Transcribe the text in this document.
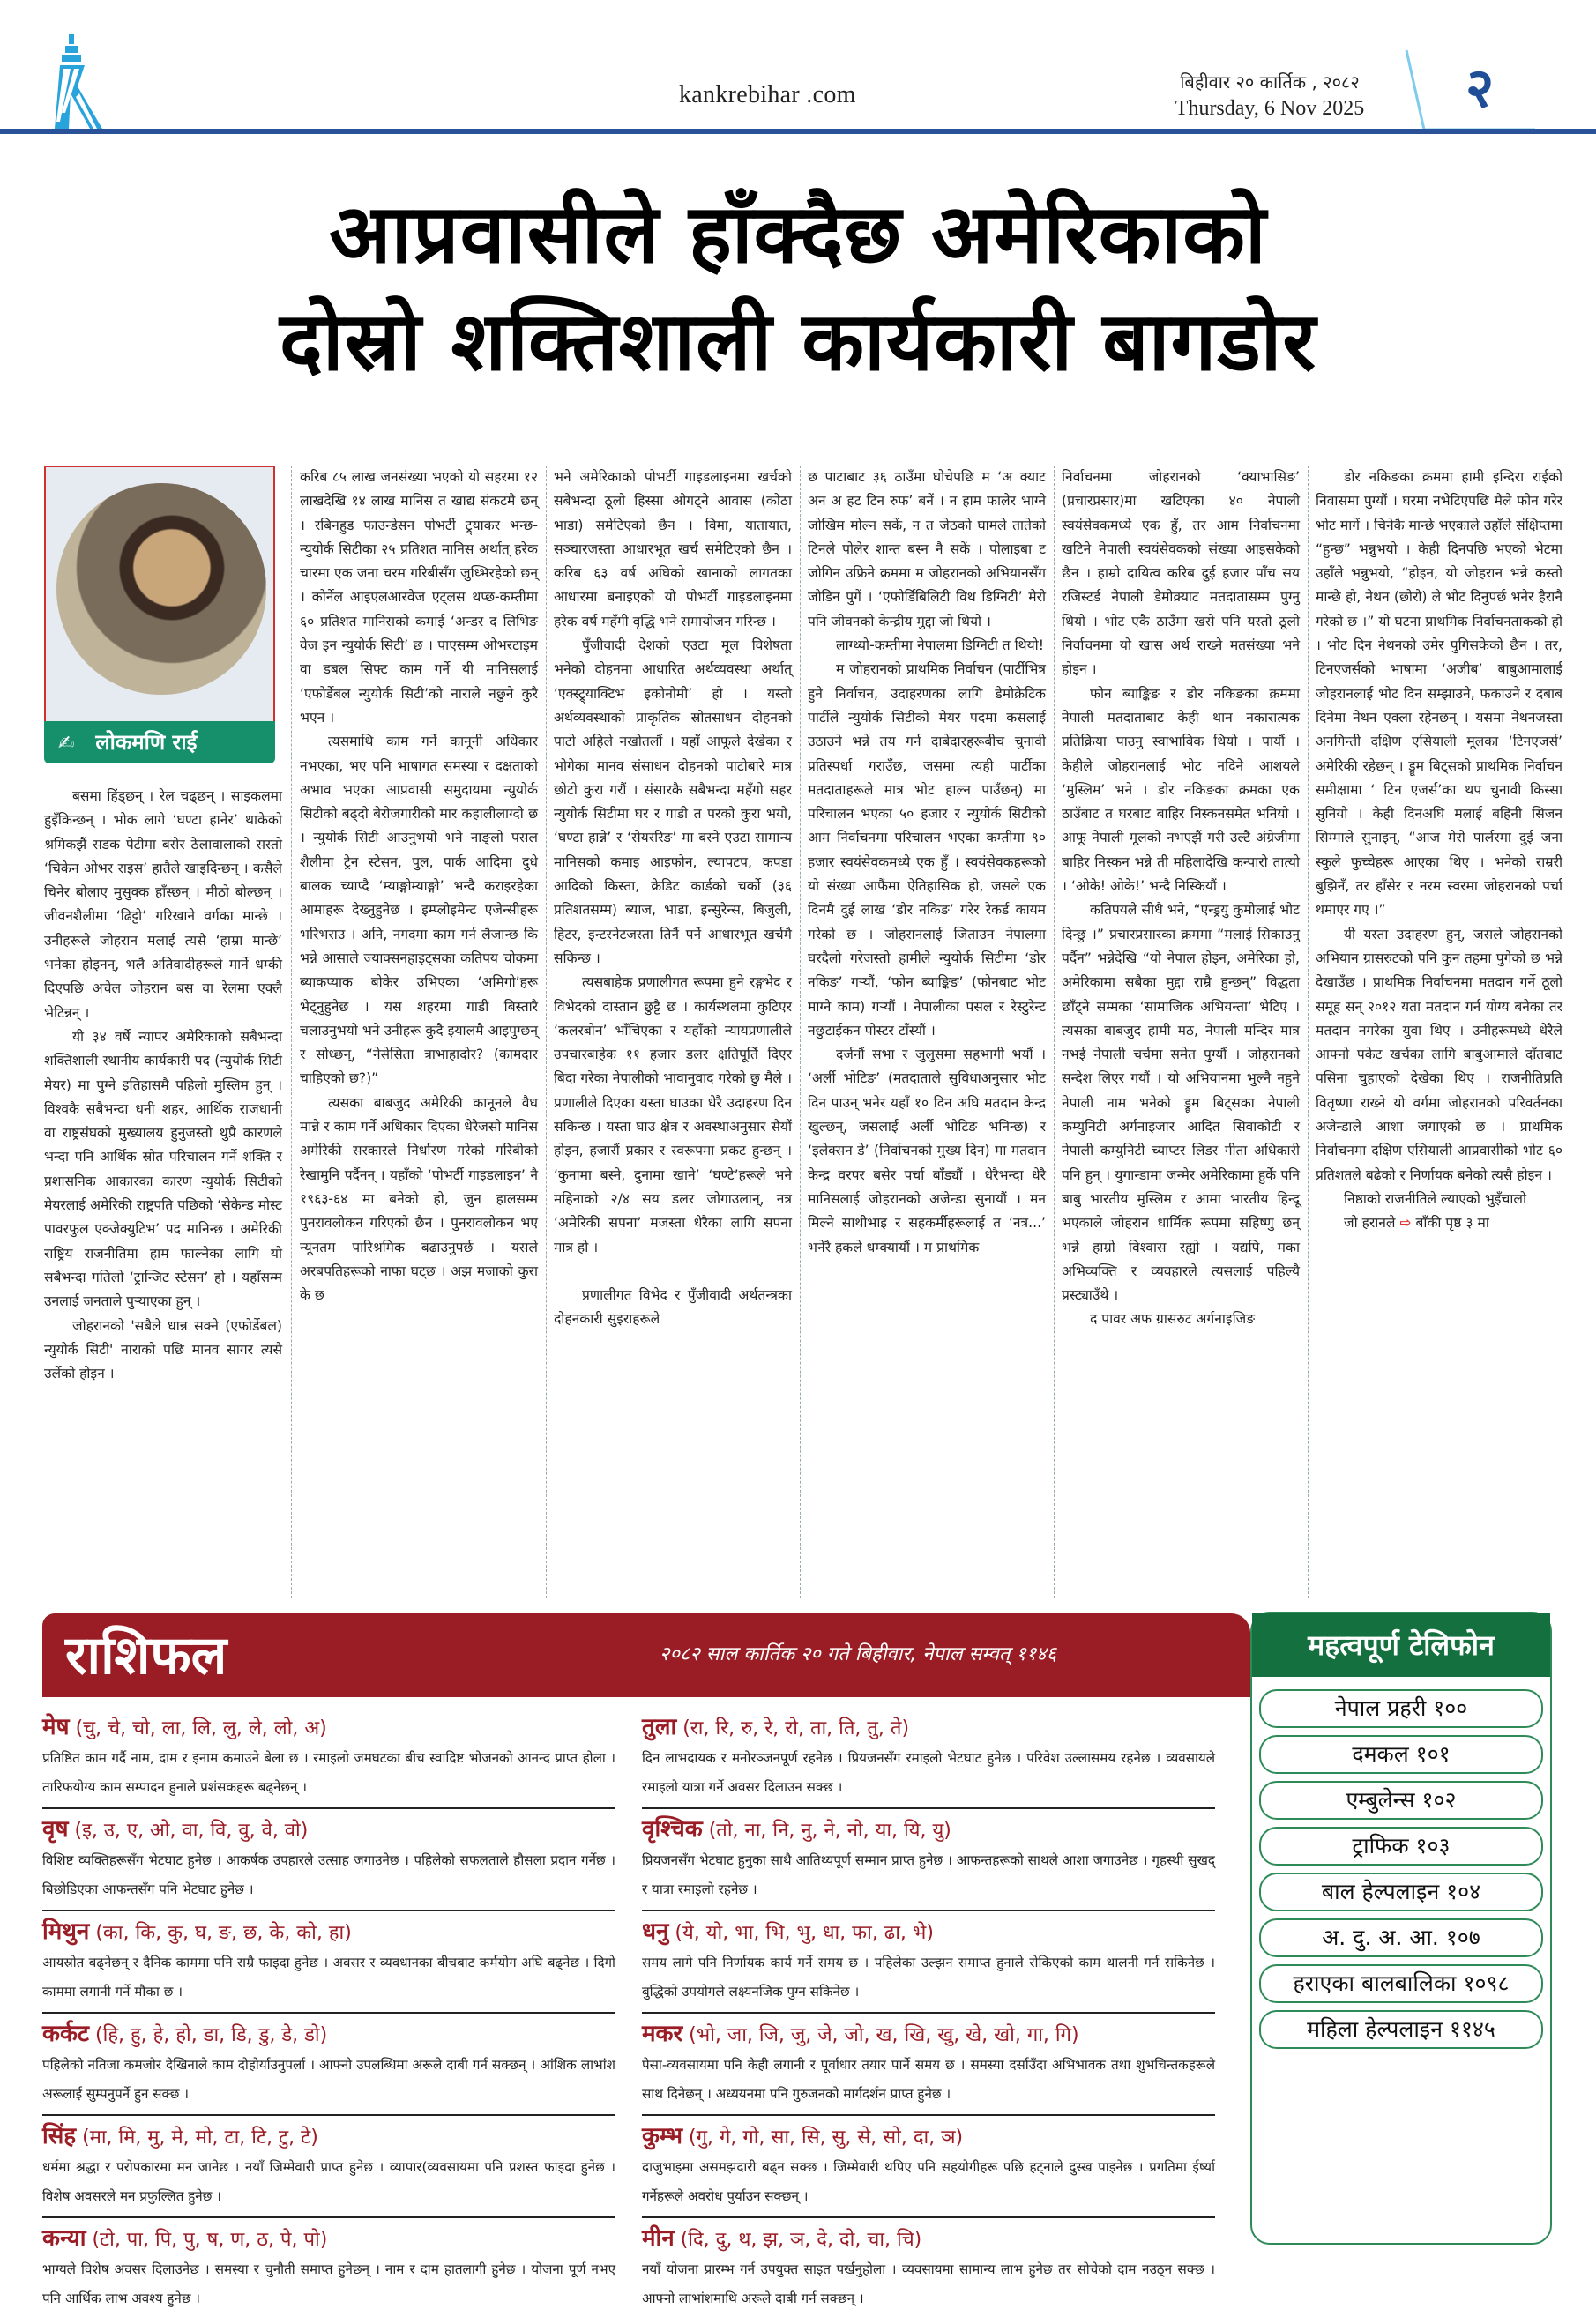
kankrebihar .com	बिहीवार २० कार्तिक , २०८२
Thursday, 6 Nov 2025	२
आप्रवासीले हाँक्दैछ अमेरिकाको
दोस्रो शक्तिशाली कार्यकारी बागडोर
✍ लोकमणि राई

बसमा हिंड्छन् । रेल चढ्छन् । साइकलमा हुइँकिन्छन् । भोक लागे ‘घण्टा हानेर’ थाकेको श्रमिकझैं सडक पेटीमा बसेर ठेलावालाको सस्तो ‘चिकेन ओभर राइस’ हातैले खाइदिन्छन् । कसैले चिनेर बोलाए मुसुक्क हाँस्छन् । मीठो बोल्छन् । जीवनशैलीमा ‘ढिट्टो’ गरिखाने वर्गका मान्छे । उनीहरूले जोहरान मलाई त्यसै ‘हाम्रा मान्छे’ भनेका होइनन्, भलै अतिवादीहरूले मार्ने धम्की दिएपछि अचेल जोहरान बस वा रेलमा एक्लै भेटिन्नन् ।

यी ३४ वर्षे न्यापर अमेरिकाको सबैभन्दा शक्तिशाली स्थानीय कार्यकारी पद (न्युयोर्क सिटी मेयर) मा पुग्ने इतिहासमै पहिलो मुस्लिम हुन् । विश्वकै सबैभन्दा धनी शहर, आर्थिक राजधानी वा राष्ट्रसंघको मुख्यालय हुनुजस्तो थुप्रै कारणले भन्दा पनि आर्थिक स्रोत परिचालन गर्ने शक्ति र प्रशासनिक आकारका कारण न्युयोर्क सिटीको मेयरलाई अमेरिकी राष्ट्रपति पछिको ‘सेकेन्ड मोस्ट पावरफुल एक्जेक्युटिभ’ पद मानिन्छ । अमेरिकी राष्ट्रिय राजनीतिमा हाम फाल्नेका लागि यो सबैभन्दा गतिलो ‘ट्रान्जिट स्टेसन’ हो । यहाँसम्म उनलाई जनताले पुऱ्याएका हुन् ।

जोहरानको 'सबैले धान्न सक्ने (एफोर्डेबल) न्युयोर्क सिटी' नाराको पछि मानव सागर त्यसै उर्लेको होइन ।

करिब ८५ लाख जनसंख्या भएको यो सहरमा १२ लाखदेखि १४ लाख मानिस त खाद्य संकटमै छन् । रबिनहुड फाउन्डेसन पोभर्टी ट्र्याकर भन्छ- न्युयोर्क सिटीका २५ प्रतिशत मानिस अर्थात् हरेक चारमा एक जना चरम गरिबीसँग जुध्भिरहेको छन् । कोर्नेल आइएलआरवेज एट्लस थप्छ-कम्तीमा ६० प्रतिशत मानिसको कमाई ‘अन्डर द लिभिङ वेज इन न्युयोर्क सिटी’ छ । पाएसम्म ओभरटाइम वा डबल सिफ्ट काम गर्ने यी मानिसलाई ‘एफोर्डेबल न्युयोर्क सिटी’को नाराले नछुने कुरै भएन ।

त्यसमाथि काम गर्ने कानूनी अधिकार नभएका, भए पनि भाषागत समस्या र दक्षताको अभाव भएका आप्रवासी समुदायमा न्युयोर्क सिटीको बढ्दो बेरोजगारीको मार कहालीलाग्दो छ । न्युयोर्क सिटी आउनुभयो भने नाङ्लो पसल शैलीमा ट्रेन स्टेसन, पुल, पार्क आदिमा दुधे बालक च्याप्दै ‘म्याङ्गोम्याङ्गो’ भन्दै कराइरहेका आमाहरू देख्नुहुनेछ । इम्प्लोइमेन्ट एजेन्सीहरू भरिभराउ । अनि, नगदमा काम गर्न लैजान्छ कि भन्ने आसाले ज्याक्सनहाइट्सका कतिपय चोकमा ब्याकप्याक बोकेर उभिएका ‘अमिगो’हरू भेट्नुहुनेछ । यस शहरमा गाडी बिस्तारै चलाउनुभयो भने उनीहरू कुदै झ्यालमै आइपुग्छन् र सोध्छन्, “नेसेसिता त्राभाहादोर? (कामदार चाहिएको छ?)”

त्यसका बाबजुद अमेरिकी कानूनले वैध मान्ने र काम गर्ने अधिकार दिएका धेरैजसो मानिस अमेरिकी सरकारले निर्धारण गरेको गरिबीको रेखामुनि पर्दैनन् । यहाँको ‘पोभर्टी गाइडलाइन’ नै १९६३-६४ मा बनेको हो, जुन हालसम्म पुनरावलोकन गरिएको छैन । पुनरावलोकन भए न्यूनतम पारिश्रमिक बढाउनुपर्छ । यसले अरबपतिहरूको नाफा घट्छ । अझ मजाको कुरा के छ

भने अमेरिकाको पोभर्टी गाइडलाइनमा खर्चको सबैभन्दा ठूलो हिस्सा ओगट्ने आवास (कोठा भाडा) समेटिएको छैन । विमा, यातायात, सञ्चारजस्ता आधारभूत खर्च समेटिएको छैन । करिब ६३ वर्ष अघिको खानाको लागतका आधारमा बनाइएको यो पोभर्टी गाइडलाइनमा हरेक वर्ष महँगी वृद्धि भने समायोजन गरिन्छ ।

पुँजीवादी देशको एउटा मूल विशेषता भनेको दोहनमा आधारित अर्थव्यवस्था अर्थात् ‘एक्स्ट्र्याक्टिभ इकोनोमी’ हो । यस्तो अर्थव्यवस्थाको प्राकृतिक स्रोतसाधन दोहनको पाटो अहिले नखोतलौं । यहाँ आफूले देखेका र भोगेका मानव संसाधन दोहनको पाटोबारे मात्र छोटो कुरा गरौं । संसारकै सबैभन्दा महँगो सहर न्युयोर्क सिटीमा घर र गाडी त परको कुरा भयो, ‘घण्टा हान्ने’ र ‘सेयररिङ’ मा बस्ने एउटा सामान्य मानिसको कमाइ आइफोन, ल्यापटप, कपडा आदिको किस्ता, क्रेडिट कार्डको चर्को (३६ प्रतिशतसम्म) ब्याज, भाडा, इन्सुरेन्स, बिजुली, हिटर, इन्टरनेटजस्ता तिर्नै पर्ने आधारभूत खर्चमै सकिन्छ ।

त्यसबाहेक प्रणालीगत रूपमा हुने रङ्गभेद र विभेदको दास्तान छुट्टै छ । कार्यस्थलमा कुटिएर ‘कलरबोन’ भाँचिएका र यहाँको न्यायप्रणालीले उपचारबाहेक ११ हजार डलर क्षतिपूर्ति दिएर बिदा गरेका नेपालीको भावानुवाद गरेको छु मैले । प्रणालीले दिएका यस्ता घाउका धेरै उदाहरण दिन सकिन्छ । यस्ता घाउ क्षेत्र र अवस्थाअनुसार सैयौं होइन, हजारौं प्रकार र स्वरूपमा प्रकट हुन्छन् । ‘कुनामा बस्ने, दुनामा खाने’ ‘घण्टे’हरूले भने महिनाको २/४ सय डलर जोगाउलान्, नत्र ‘अमेरिकी सपना’ मजस्ता धेरैका लागि सपना मात्र हो ।

प्रणालीगत विभेद र पुँजीवादी अर्थतन्त्रका दोहनकारी सुइराहरूले

छ पाटाबाट ३६ ठाउँमा घोचेपछि म ‘अ क्याट अन अ हट टिन रुफ’ बनें । न हाम फालेर भाग्ने जोखिम मोल्न सकें, न त जेठको घामले तातेको टिनले पोलेर शान्त बस्न नै सकें । पोलाइबा ट जोगिन उफ्रिने क्रममा म जोहरानको अभियानसँग जोडिन पुगें । ‘एफोर्डिबिलिटी विथ डिग्निटी’ मेरो पनि जीवनको केन्द्रीय मुद्दा जो थियो ।

लाग्थ्यो-कम्तीमा नेपालमा डिग्निटी त थियो!

म जोहरानको प्राथमिक निर्वाचन (पार्टीभित्र हुने निर्वाचन, उदाहरणका लागि डेमोक्रेटिक पार्टीले न्युयोर्क सिटीको मेयर पदमा कसलाई उठाउने भन्ने तय गर्न दाबेदारहरूबीच चुनावी प्रतिस्पर्धा गराउँछ, जसमा त्यही पार्टीका मतदाताहरूले मात्र भोट हाल्न पाउँछन्) मा परिचालन भएका ५० हजार र न्युयोर्क सिटीको आम निर्वाचनमा परिचालन भएका कम्तीमा ९० हजार स्वयंसेवकमध्ये एक हुँ । स्वयंसेवकहरूको यो संख्या आफैंमा ऐतिहासिक हो, जसले एक दिनमै दुई लाख ‘डोर नकिङ’ गरेर रेकर्ड कायम गरेको छ । जोहरानलाई जिताउन नेपालमा घरदैलो गरेजस्तो हामीले न्युयोर्क सिटीमा ‘डोर नकिङ’ गर्‍यौं, ‘फोन ब्याङ्किङ’ (फोनबाट भोट माग्ने काम) गर्‍यौं । नेपालीका पसल र रेस्टुरेन्ट नछुटाईकन पोस्टर टाँस्यौं ।

दर्जनौं सभा र जुलुसमा सहभागी भयौं । ‘अर्ली भोटिङ’ (मतदाताले सुविधाअनुसार भोट दिन पाउन् भनेर यहाँ १० दिन अघि मतदान केन्द्र खुल्छन्, जसलाई अर्ली भोटिङ भनिन्छ) र ‘इलेक्सन डे’ (निर्वाचनको मुख्य दिन) मा मतदान केन्द्र वरपर बसेर पर्चा बाँड्यौं । धेरैभन्दा धेरै मानिसलाई जोहरानको अजेन्डा सुनायौं । मन मिल्ने साथीभाइ र सहकर्मीहरूलाई त ‘नत्र...’ भनेरै हकले धम्क्यायौं । म प्राथमिक

निर्वाचनमा जोहरानको ‘क्याभासिङ’ (प्रचारप्रसार)मा खटिएका ४० नेपाली स्वयंसेवकमध्ये एक हुँ, तर आम निर्वाचनमा खटिने नेपाली स्वयंसेवकको संख्या आइसकेको छैन । हाम्रो दायित्व करिब दुई हजार पाँच सय रजिस्टर्ड नेपाली डेमोक्र्याट मतदातासम्म पुग्नु थियो । भोट एकै ठाउँमा खसे पनि यस्तो ठूलो निर्वाचनमा यो खास अर्थ राख्ने मतसंख्या भने होइन ।

फोन ब्याङ्किङ र डोर नकिङका क्रममा नेपाली मतदाताबाट केही थान नकारात्मक प्रतिक्रिया पाउनु स्वाभाविक थियो । पायौं । केहीले जोहरानलाई भोट नदिने आशयले ‘मुस्लिम’ भने । डोर नकिङका क्रमका एक ठाउँबाट त घरबाट बाहिर निस्कनसमेत भनियो । आफू नेपाली मूलको नभएझैं गरी उल्टै अंग्रेजीमा बाहिर निस्कन भन्ने ती महिलादेखि कन्पारो तात्यो । ‘ओके! ओके!’ भन्दै निस्कियौं ।

कतिपयले सीधै भने, “एन्ड्रयु कुमोलाई भोट दिन्छु ।” प्रचारप्रसारका क्रममा “मलाई सिकाउनु पर्दैन” भन्नेदेखि “यो नेपाल होइन, अमेरिका हो, अमेरिकामा सबैका मुद्दा राम्रै हुन्छन्” विद्धता छाँट्ने सम्मका ‘सामाजिक अभियन्ता’ भेटिए । त्यसका बाबजुद हामी मठ, नेपाली मन्दिर मात्र नभई नेपाली चर्चमा समेत पुग्यौं । जोहरानको सन्देश लिएर गयौं । यो अभियानमा भुल्नै नहुने नेपाली नाम भनेको ड्रूम बिट्सका नेपाली कम्युनिटी अर्गनाइजार आदित सिवाकोटी र नेपाली कम्युनिटी च्याप्टर लिडर गीता अधिकारी पनि हुन् । युगान्डामा जन्मेर अमेरिकामा हुर्के पनि बाबु भारतीय मुस्लिम र आमा भारतीय हिन्दू भएकाले जोहरान धार्मिक रूपमा सहिष्णु छन् भन्ने हाम्रो विश्वास रह्यो । यद्यपि, मका अभिव्यक्ति र व्यवहारले त्यसलाई पहिल्यै प्रस्ट्याउँथे ।

द पावर अफ ग्रासरुट अर्गनाइजिङ

डोर नकिङका क्रममा हामी इन्दिरा राईको निवासमा पुग्यौं । घरमा नभेटिएपछि मैले फोन गरेर भोट मागें । चिनेकै मान्छे भएकाले उहाँले संक्षिप्तमा “हुन्छ” भन्नुभयो । केही दिनपछि भएको भेटमा उहाँले भन्नुभयो, “होइन, यो जोहरान भन्ने कस्तो मान्छे हो, नेथन (छोरो) ले भोट दिनुपर्छ भनेर हैरानै गरेको छ ।” यो घटना प्राथमिक निर्वाचनताकको हो । भोट दिन नेथनको उमेर पुगिसकेको छैन । तर, टिनएजर्सको भाषामा ‘अजीब’ बाबुआमालाई जोहरानलाई भोट दिन सम्झाउने, फकाउने र दबाब दिनेमा नेथन एक्ला रहेनछन् । यसमा नेथनजस्ता अनगिन्ती दक्षिण एसियाली मूलका ‘टिनएजर्स’ अमेरिकी रहेछन् । ड्रूम बिट्सको प्राथमिक निर्वाचन समीक्षामा ‘ टिन एजर्स’का थप चुनावी किस्सा सुनियो । केही दिनअघि मलाई बहिनी सिजन सिम्माले सुनाइन्, “आज मेरो पार्लरमा दुई जना स्कुले फुच्चेहरू आएका थिए । भनेको राम्ररी बुझिनँ, तर हाँसेर र नरम स्वरमा जोहरानको पर्चा थमाएर गए ।”

यी यस्ता उदाहरण हुन्, जसले जोहरानको अभियान ग्रासरुटको पनि कुन तहमा पुगेको छ भन्ने देखाउँछ । प्राथमिक निर्वाचनमा मतदान गर्ने ठूलो समूह सन् २०१२ यता मतदान गर्न योग्य बनेका तर मतदान नगरेका युवा थिए । उनीहरूमध्ये धेरैले आफ्नो पकेट खर्चका लागि बाबुआमाले दाँतबाट पसिना चुहाएको देखेका थिए । राजनीतिप्रति वितृष्णा राख्ने यो वर्गमा जोहरानको परिवर्तनका अजेन्डाले आशा जगाएको छ । प्राथमिक निर्वाचनमा दक्षिण एसियाली आप्रवासीको भोट ६० प्रतिशतले बढेको र निर्णायक बनेको त्यसै होइन ।

निष्ठाको राजनीतिले ल्याएको भुइँचालो

जो हरानले ⇨ बाँकी पृष्ठ ३ मा

राशिफल	२०८२ साल कार्तिक २० गते बिहीवार, नेपाल सम्वत् ११४६
मेष (चु, चे, चो, ला, लि, लु, ले, लो, अ)
प्रतिष्ठित काम गर्दै नाम, दाम र इनाम कमाउने बेला छ । रमाइलो जमघटका बीच स्वादिष्ट भोजनको आनन्द प्राप्त होला । तारिफयोग्य काम सम्पादन हुनाले प्रशंसकहरू बढ्नेछन् ।
वृष (इ, उ, ए, ओ, वा, वि, वु, वे, वो)
विशिष्ट व्यक्तिहरूसँग भेटघाट हुनेछ । आकर्षक उपहारले उत्साह जगाउनेछ । पहिलेको सफलताले हौसला प्रदान गर्नेछ । बिछोडिएका आफन्तसँग पनि भेटघाट हुनेछ ।
मिथुन (का, कि, कु, घ, ङ, छ, के, को, हा)
आयस्रोत बढ्नेछन् र दैनिक काममा पनि राम्रै फाइदा हुनेछ । अवसर र व्यवधानका बीचबाट कर्मयोग अघि बढ्नेछ । दिगो काममा लगानी गर्ने मौका छ ।
कर्कट (हि, हु, हे, हो, डा, डि, डु, डे, डो)
पहिलेको नतिजा कमजोर देखिनाले काम दोहोर्याउनुपर्ला । आफ्नो उपलब्धिमा अरूले दाबी गर्न सक्छन् । आंशिक लाभांश अरूलाई सुम्पनुपर्ने हुन सक्छ ।
सिंह (मा, मि, मु, मे, मो, टा, टि, टु, टे)
धर्ममा श्रद्धा र परोपकारमा मन जानेछ । नयाँ जिम्मेवारी प्राप्त हुनेछ । व्यापार(व्यवसायमा पनि प्रशस्त फाइदा हुनेछ । विशेष अवसरले मन प्रफुल्लित हुनेछ ।
कन्या (टो, पा, पि, पु, ष, ण, ठ, पे, पो)
भाग्यले विशेष अवसर दिलाउनेछ । समस्या र चुनौती समाप्त हुनेछन् । नाम र दाम हातलागी हुनेछ । योजना पूर्ण नभए पनि आर्थिक लाभ अवश्य हुनेछ ।
तुला (रा, रि, रु, रे, रो, ता, ति, तु, ते)
दिन लाभदायक र मनोरञ्जनपूर्ण रहनेछ । प्रियजनसँग रमाइलो भेटघाट हुनेछ । परिवेश उल्लासमय रहनेछ । व्यवसायले रमाइलो यात्रा गर्ने अवसर दिलाउन सक्छ ।
वृश्चिक (तो, ना, नि, नु, ने, नो, या, यि, यु)
प्रियजनसँग भेटघाट हुनुका साथै आतिथ्यपूर्ण सम्मान प्राप्त हुनेछ । आफन्तहरूको साथले आशा जगाउनेछ । गृहस्थी सुखद् र यात्रा रमाइलो रहनेछ ।
धनु (ये, यो, भा, भि, भु, धा, फा, ढा, भे)
समय लागे पनि निर्णायक कार्य गर्ने समय छ । पहिलेका उल्झन समाप्त हुनाले रोकिएको काम थालनी गर्न सकिनेछ । बुद्धिको उपयोगले लक्ष्यनजिक पुग्न सकिनेछ ।
मकर (भो, जा, जि, जु, जे, जो, ख, खि, खु, खे, खो, गा, गि)
पेसा-व्यवसायमा पनि केही लगानी र पूर्वाधार तयार पार्ने समय छ । समस्या दर्साउँदा अभिभावक तथा शुभचिन्तकहरूले साथ दिनेछन् । अध्ययनमा पनि गुरुजनको मार्गदर्शन प्राप्त हुनेछ ।
कुम्भ (गु, गे, गो, सा, सि, सु, से, सो, दा, ञ)
दाजुभाइमा असमझदारी बढ्न सक्छ । जिम्मेवारी थपिए पनि सहयोगीहरू पछि हट्नाले दुस्ख पाइनेछ । प्रगतिमा ईर्ष्या गर्नेहरूले अवरोध पुर्याउन सक्छन् ।
मीन (दि, दु, थ, झ, ञ, दे, दो, चा, चि)
नयाँ योजना प्रारम्भ गर्न उपयुक्त साइत पर्खनुहोला । व्यवसायमा सामान्य लाभ हुनेछ तर सोचेको दाम नउठ्न सक्छ । आफ्नो लाभांशमाथि अरूले दाबी गर्न सक्छन् ।
महत्वपूर्ण टेलिफोन
नेपाल प्रहरी १००
दमकल १०१
एम्बुलेन्स १०२
ट्राफिक १०३
बाल हेल्पलाइन १०४
अ. दु. अ. आ. १०७
हराएका बालबालिका १०९८
महिला हेल्पलाइन ११४५
